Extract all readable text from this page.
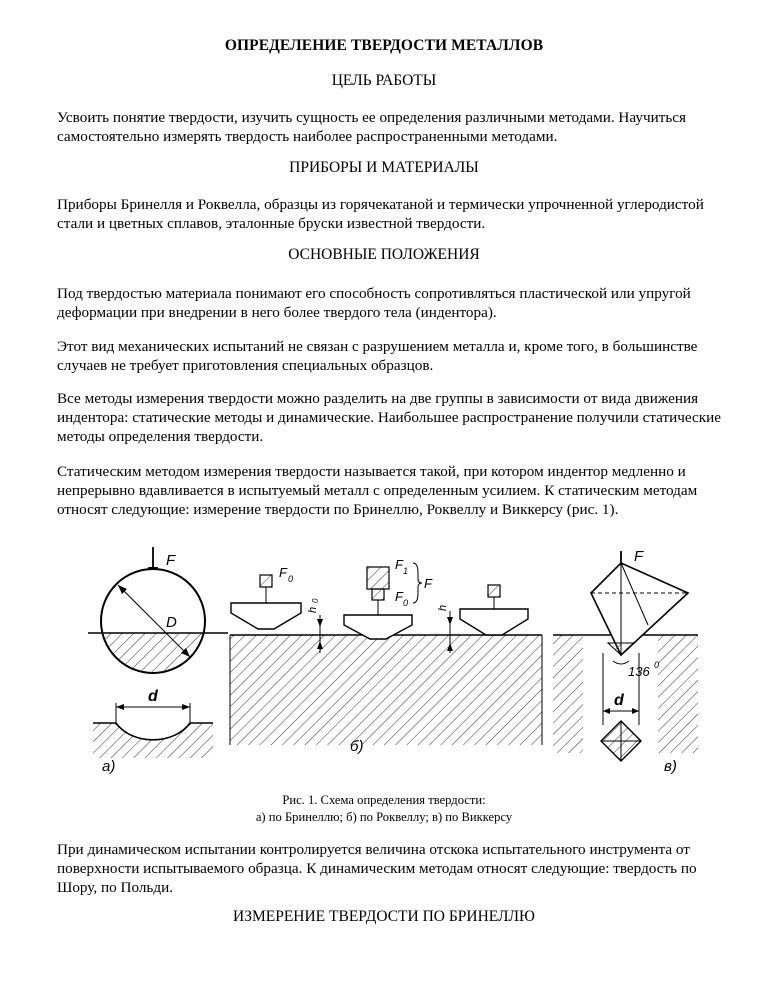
ОПРЕДЕЛЕНИЕ ТВЕРДОСТИ МЕТАЛЛОВ
ЦЕЛЬ РАБОТЫ
Усвоить понятие твердости, изучить сущность ее определения различными методами. Научиться самостоятельно измерять твердость наиболее распространенными методами.
ПРИБОРЫ И МАТЕРИАЛЫ
Приборы Бринелля и Роквелла, образцы из горячекатаной и термически упрочненной углеродистой стали и цветных сплавов, эталонные бруски известной твердости.
ОСНОВНЫЕ ПОЛОЖЕНИЯ
Под твердостью материала понимают его способность сопротивляться пластической или упругой деформации при внедрении в него более твердого тела (индентора).
Этот вид механических испытаний не связан с разрушением металла и, кроме того, в большинстве случаев не требует приготовления специальных образцов.
Все методы измерения твердости можно разделить на две группы в зависимости от вида движения индентора: статические методы и динамические. Наибольшее распространение получили статические методы определения твердости.
Статическим методом измерения твердости называется такой, при котором индентор медленно и непрерывно вдавливается в испытуемый металл с определенным усилием. К статическим методам относят следующие: измерение твердости по Бринеллю, Роквеллу и Виккерсу (рис. 1).
F
D
d
а)
F 0
F 1
F 0
F
h
0
h
б)
F
136 0
d
в)
Рис. 1. Схема определения твердости:
а) по Бринеллю; б) по Роквеллу; в) по Виккерсу
При динамическом испытании контролируется величина отскока испытательного инструмента от поверхности испытываемого образца. К динамическим методам относят следующие: твердость по Шору, по Польди.
ИЗМЕРЕНИЕ ТВЕРДОСТИ ПО БРИНЕЛЛЮ
